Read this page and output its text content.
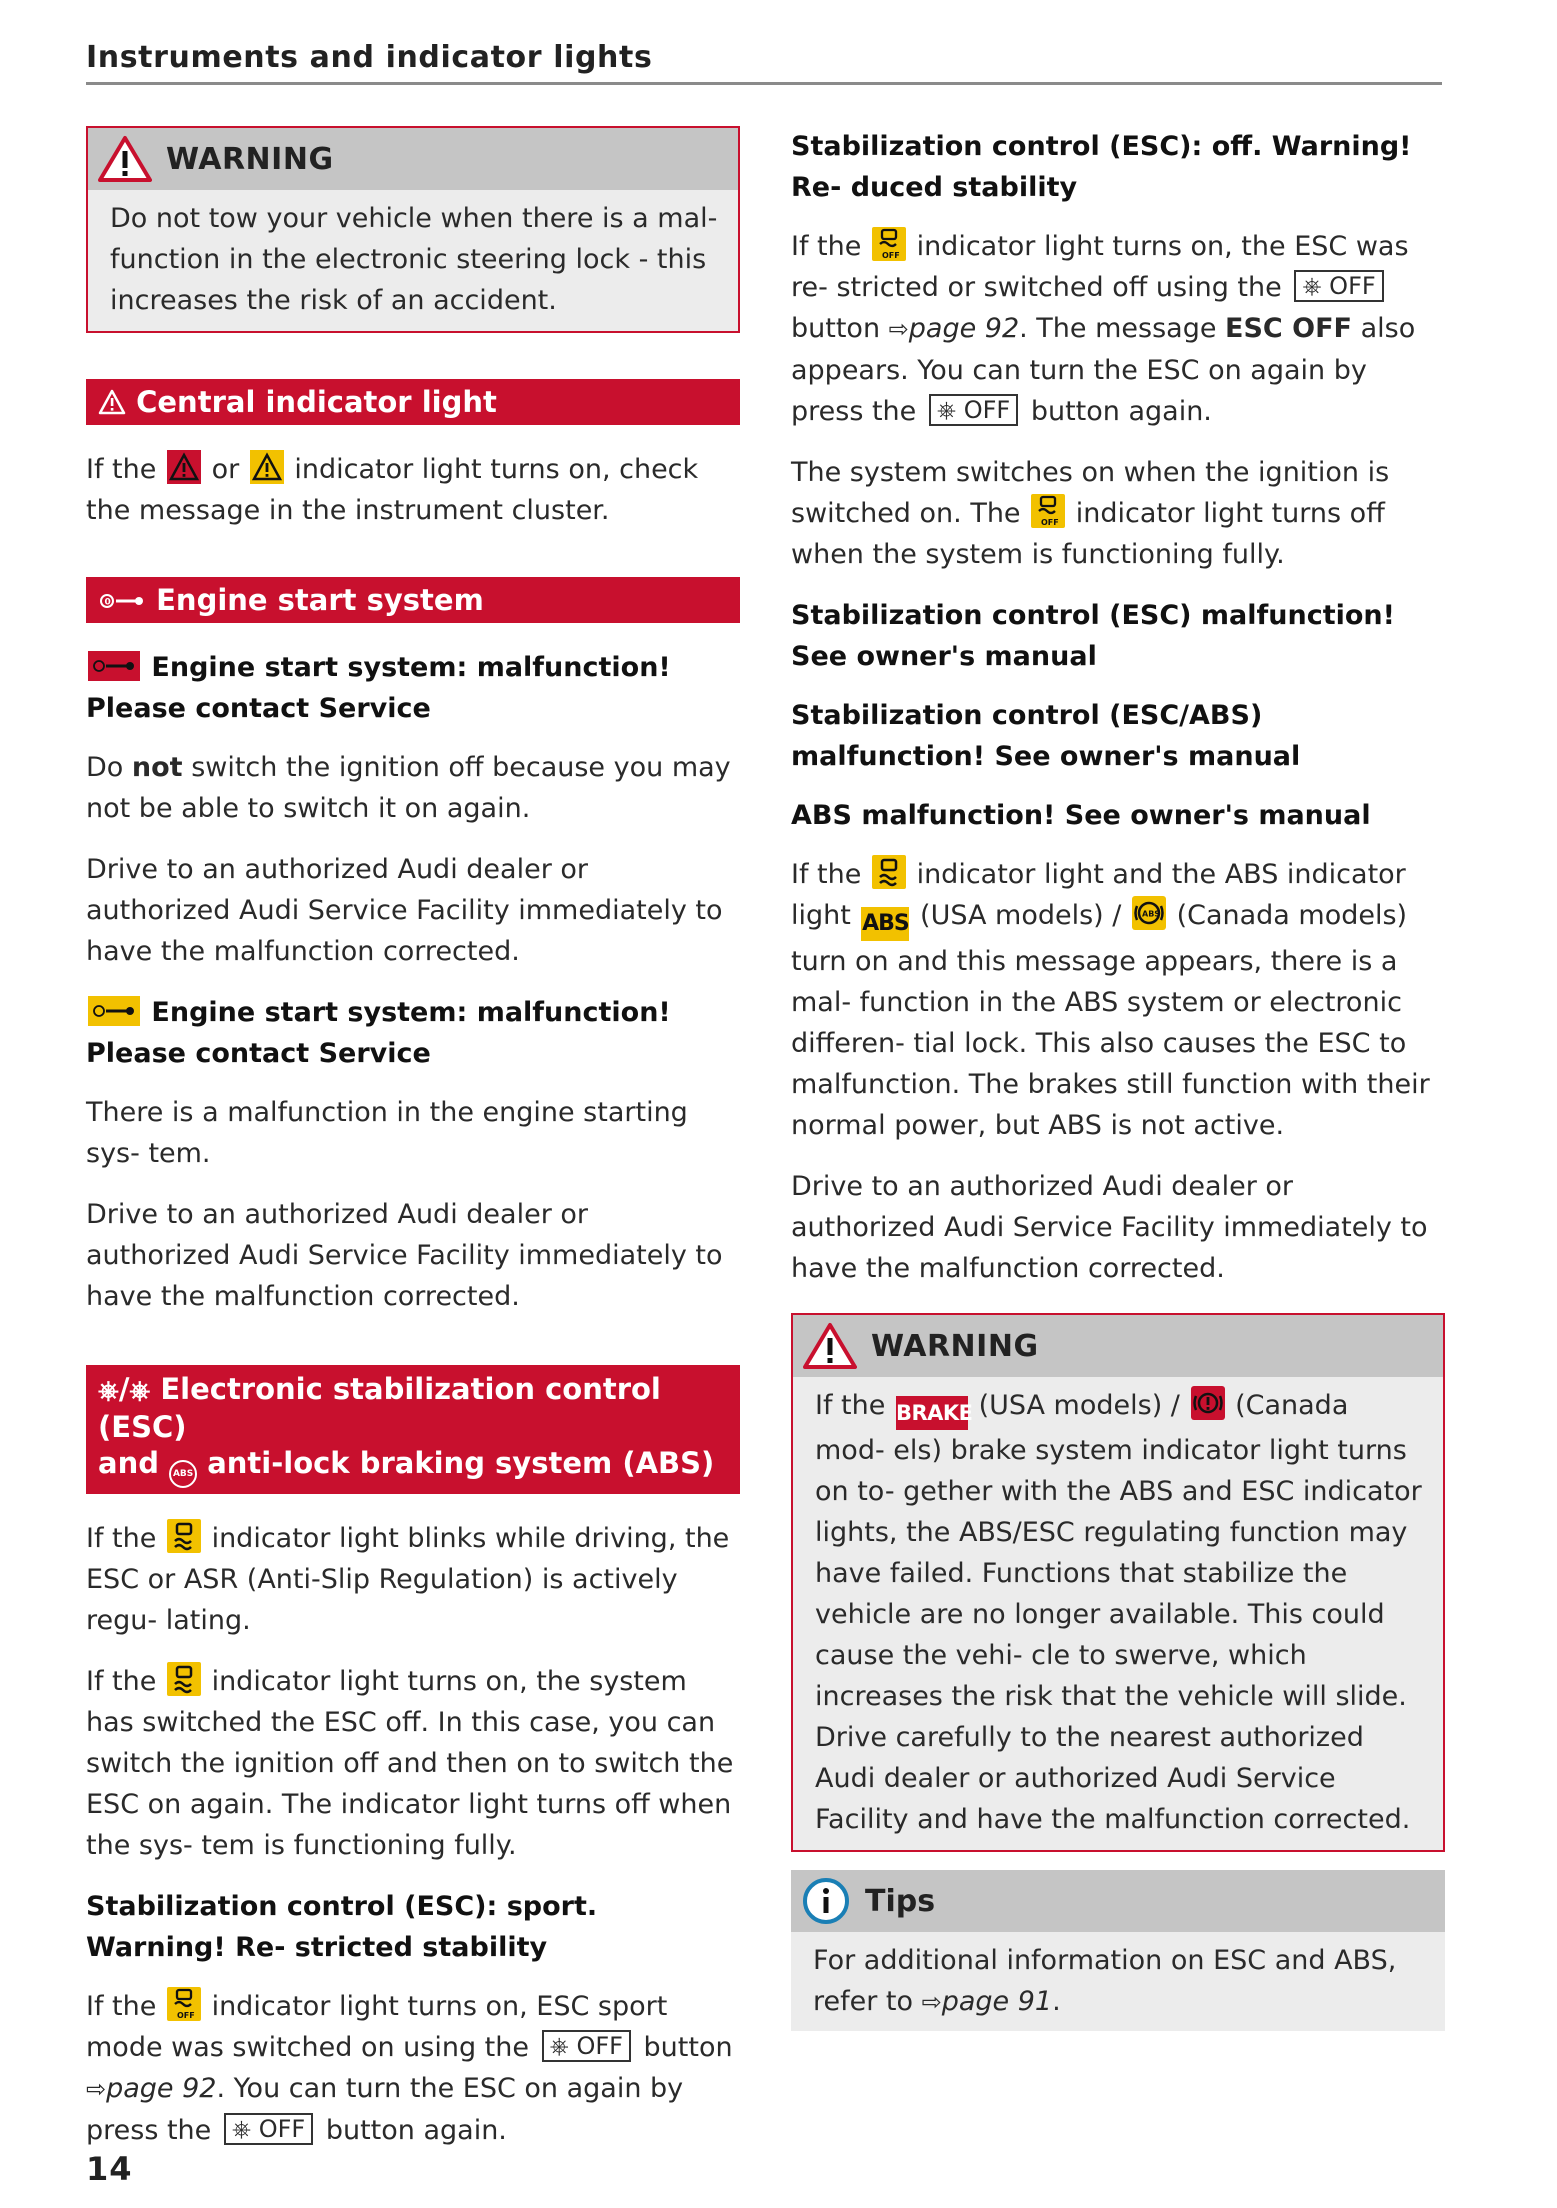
Instruments and indicator lights
WARNING

Do not tow your vehicle when there is a mal- function in the electronic steering lock - this increases the risk of an accident.

Central indicator light

If the or indicator light turns on, check the message in the instrument cluster.

0 Engine start system
Engine start system: malfunction! Please contact Service

Do not switch the ignition off because you may not be able to switch it on again.

Drive to an authorized Audi dealer or authorized Audi Service Facility immediately to have the malfunction corrected.

Engine start system: malfunction! Please contact Service

There is a malfunction in the engine starting sys- tem.

Drive to an authorized Audi dealer or authorized Audi Service Facility immediately to have the malfunction corrected.

⎈/⎈ Electronic stabilization control (ESC)
and ABS anti-lock braking system (ABS)

If the indicator light blinks while driving, the ESC or ASR (Anti-Slip Regulation) is actively regu- lating.

If the indicator light turns on, the system has switched the ESC off. In this case, you can switch the ignition off and then on to switch the ESC on again. The indicator light turns off when the sys- tem is functioning fully.

Stabilization control (ESC): sport. Warning! Re- stricted stability

If the	OFF indicator light turns on, ESC sport mode was switched on using the ⎈ OFF button ⇨page 92. You can turn the ESC on again by press the ⎈ OFF button again.

Stabilization control (ESC): off. Warning! Re- duced stability

If the	OFF indicator light turns on, the ESC was re- stricted or switched off using the ⎈ OFF button ⇨page 92. The message ESC OFF also appears. You can turn the ESC on again by press the ⎈ OFF button again.

The system switches on when the ignition is switched on. The	OFF indicator light turns off when the system is functioning fully.

Stabilization control (ESC) malfunction! See owner's manual
Stabilization control (ESC/ABS) malfunction! See owner's manual
ABS malfunction! See owner's manual

If the indicator light and the ABS indicator light ABS (USA models) /	ABS (Canada models) turn on and this message appears, there is a mal- function in the ABS system or electronic differen- tial lock. This also causes the ESC to malfunction. The brakes still function with their normal power, but ABS is not active.

Drive to an authorized Audi dealer or authorized Audi Service Facility immediately to have the malfunction corrected.

WARNING

If the BRAKE (USA models) / (Canada mod- els) brake system indicator light turns on to- gether with the ABS and ESC indicator lights, the ABS/ESC regulating function may have failed. Functions that stabilize the vehicle are no longer available. This could cause the vehi- cle to swerve, which increases the risk that the vehicle will slide. Drive carefully to the nearest authorized Audi dealer or authorized Audi Service Facility and have the malfunction corrected.

Tips

For additional information on ESC and ABS, refer to ⇨page 91.

14
